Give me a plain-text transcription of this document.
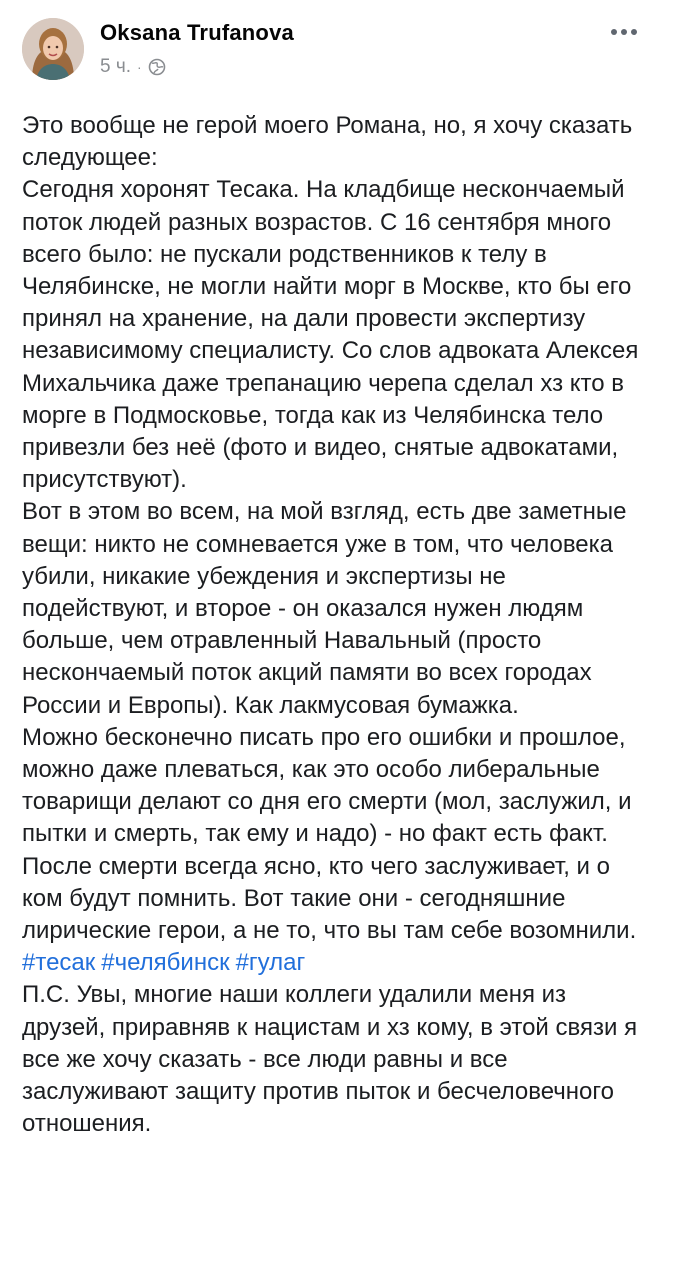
Oksana Trufanova
5 ч. ·

Это вообще не герой моего Романа, но, я хочу сказать следующее:

Сегодня хоронят Тесака. На кладбище нескончаемый поток людей разных возрастов. С 16 сентября много всего было: не пускали родственников к телу в Челябинске, не могли найти морг в Москве, кто бы его принял на хранение, на дали провести экспертизу независимому специалисту. Со слов адвоката Алексея Михальчика даже трепанацию черепа сделал хз кто в морге в Подмосковье, тогда как из Челябинска тело привезли без неё (фото и видео, снятые адвокатами, присутствуют).

Вот в этом во всем, на мой взгляд, есть две заметные вещи: никто не сомневается уже в том, что человека убили, никакие убеждения и экспертизы не подействуют, и второе - он оказался нужен людям больше, чем отравленный Навальный (просто нескончаемый поток акций памяти во всех городах России и Европы). Как лакмусовая бумажка.

Можно бесконечно писать про его ошибки и прошлое, можно даже плеваться, как это особо либеральные товарищи делают со дня его смерти (мол, заслужил, и пытки и смерть, так ему и надо) - но факт есть факт. После смерти всегда ясно, кто чего заслуживает, и о ком будут помнить. Вот такие они - сегодняшние лирические герои, а не то, что вы там себе возомнили.

#тесак #челябинск #гулаг

П.С. Увы, многие наши коллеги удалили меня из друзей, приравняв к нацистам и хз кому, в этой связи я все же хочу сказать - все люди равны и все заслуживают защиту против пыток и бесчеловечного отношения.
